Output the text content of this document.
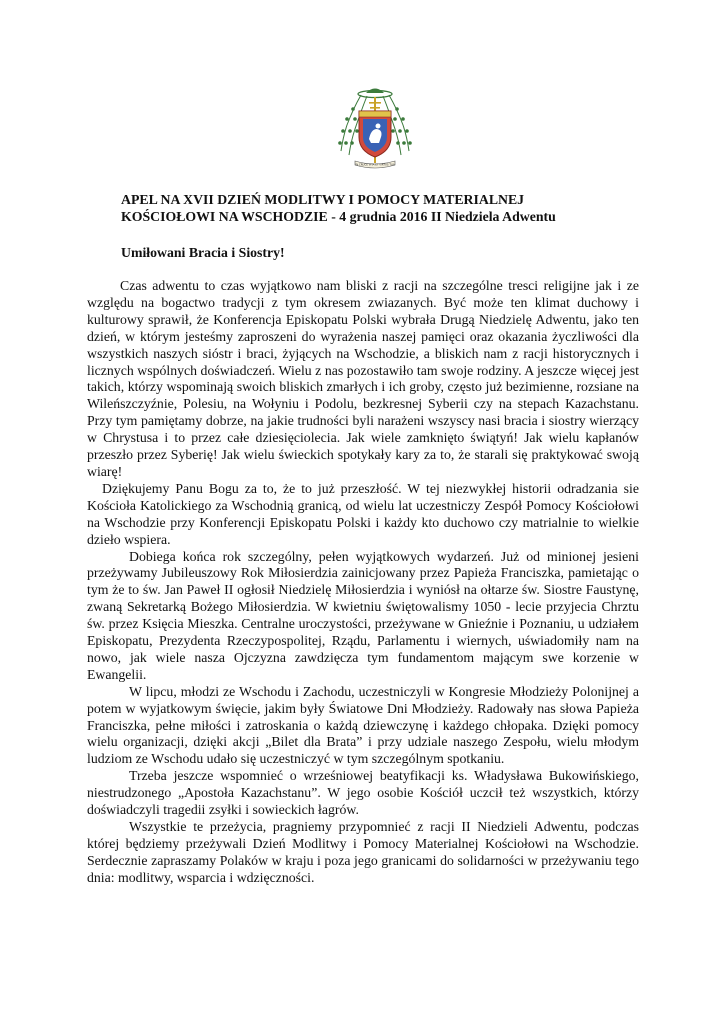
IN CRUCE VITA ET VIRTUS TUA
APEL NA XVII DZIEŃ MODLITWY I POMOCY MATERIALNEJ
KOŚCIOŁOWI NA WSCHODZIE - 4 grudnia 2016 II Niedziela Adwentu
Umiłowani Bracia i Siostry!

Czas adwentu to czas wyjątkowo nam bliski z racji na szczególne tresci religijne jak i ze względu na bogactwo tradycji z tym okresem zwiazanych. Być może ten klimat duchowy i kulturowy sprawił, że Konferencja Episkopatu Polski wybrała Drugą Niedzielę Adwentu, jako ten dzień, w którym jesteśmy zaproszeni do wyrażenia naszej pamięci oraz okazania życzliwości dla wszystkich naszych sióstr i braci, żyjących na Wschodzie, a bliskich nam z racji historycznych i licznych wspólnych doświadczeń. Wielu z nas pozostawiło tam swoje rodziny. A jeszcze więcej jest takich, którzy wspominają swoich bliskich zmarłych i ich groby, często już bezimienne, rozsiane na Wileńszczyźnie, Polesiu, na Wołyniu i Podolu, bezkresnej Syberii czy na stepach Kazachstanu. Przy tym pamiętamy dobrze, na jakie trudności byli narażeni wszyscy nasi bracia i siostry wierzący w Chrystusa i to przez całe dziesięciolecia. Jak wiele zamknięto świątyń! Jak wielu kapłanów przeszło przez Syberię! Jak wielu świeckich spotykały kary za to, że starali się praktykować swoją wiarę!

Dziękujemy Panu Bogu za to, że to już przeszłość. W tej niezwykłej historii odradzania sie Kościoła Katolickiego za Wschodnią granicą, od wielu lat uczestniczy Zespół Pomocy Kościołowi na Wschodzie przy Konferencji Episkopatu Polski i każdy kto duchowo czy matrialnie to wielkie dzieło wspiera.

Dobiega końca rok szczególny, pełen wyjątkowych wydarzeń. Już od minionej jesieni przeżywamy Jubileuszowy Rok Miłosierdzia zainicjowany przez Papieża Franciszka, pamietając o tym że to św. Jan Paweł II ogłosił Niedzielę Miłosierdzia i wyniósł na ołtarze św. Siostre Faustynę, zwaną Sekretarką Bożego Miłosierdzia. W kwietniu świętowalismy 1050 - lecie przyjecia Chrztu św. przez Księcia Mieszka. Centralne uroczystości, przeżywane w Gnieźnie i Poznaniu, u udziałem Episkopatu, Prezydenta Rzeczypospolitej, Rządu, Parlamentu i wiernych, uświadomiły nam na nowo, jak wiele nasza Ojczyzna zawdzięcza tym fundamentom mającym swe korzenie w Ewangelii.

W lipcu, młodzi ze Wschodu i Zachodu, uczestniczyli w Kongresie Młodzieży Polonijnej a potem w wyjatkowym święcie, jakim były Światowe Dni Młodzieży. Radowały nas słowa Papieża Franciszka, pełne miłości i zatroskania o każdą dziewczynę i każdego chłopaka. Dzięki pomocy wielu organizacji, dzięki akcji „Bilet dla Brata” i przy udziale naszego Zespołu, wielu młodym ludziom ze Wschodu udało się uczestniczyć w tym szczególnym spotkaniu.

Trzeba jeszcze wspomnieć o wrześniowej beatyfikacji ks. Władysława Bukowińskiego, niestrudzonego „Apostoła Kazachstanu”. W jego osobie Kościół uczcił też wszystkich, którzy doświadczyli tragedii zsyłki i sowieckich łagrów.

Wszystkie te przeżycia, pragniemy przypomnieć z racji II Niedzieli Adwentu, podczas której będziemy przeżywali Dzień Modlitwy i Pomocy Materialnej Kościołowi na Wschodzie. Serdecznie zapraszamy Polaków w kraju i poza jego granicami do solidarności w przeżywaniu tego dnia: modlitwy, wsparcia i wdzięczności.
